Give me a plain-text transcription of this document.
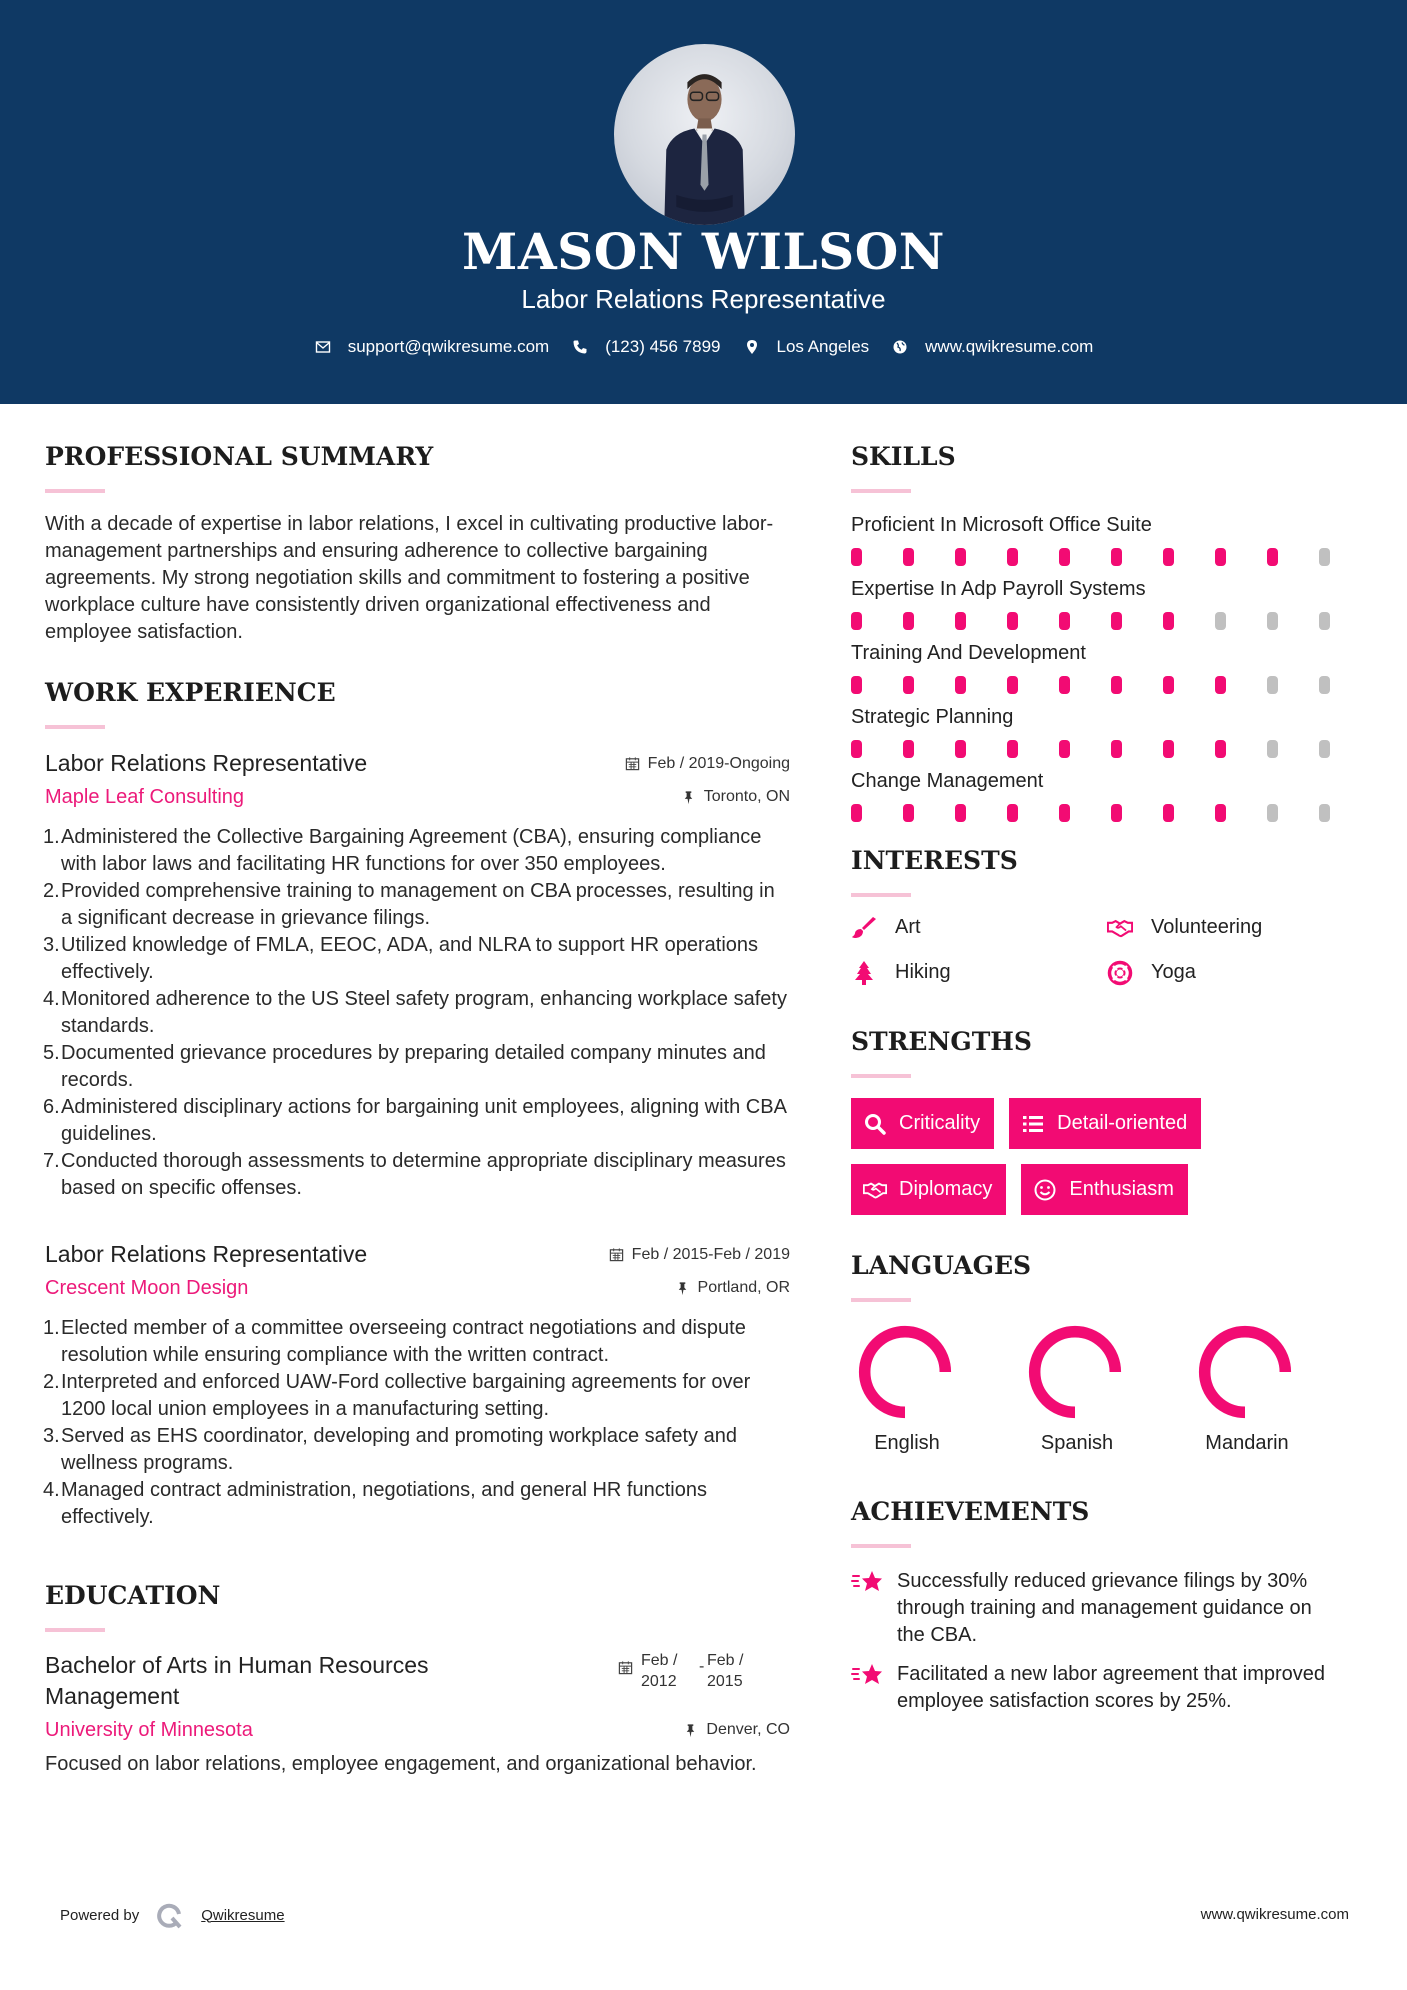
MASON WILSON
Labor Relations Representative
support@qwikresume.com	(123) 456 7899	Los Angeles	www.qwikresume.com
PROFESSIONAL SUMMARY

With a decade of expertise in labor relations, I excel in cultivating productive labor-management partnerships and ensuring adherence to collective bargaining agreements. My strong negotiation skills and commitment to fostering a positive workplace culture have consistently driven organizational effectiveness and employee satisfaction.

WORK EXPERIENCE
Labor Relations Representative	Feb / 2019-Ongoing
Maple Leaf Consulting	Toronto, ON
1. Administered the Collective Bargaining Agreement (CBA), ensuring compliance with labor laws and facilitating HR functions for over 350 employees.
2. Provided comprehensive training to management on CBA processes, resulting in a significant decrease in grievance filings.
3. Utilized knowledge of FMLA, EEOC, ADA, and NLRA to support HR operations effectively.
4. Monitored adherence to the US Steel safety program, enhancing workplace safety standards.
5. Documented grievance procedures by preparing detailed company minutes and records.
6. Administered disciplinary actions for bargaining unit employees, aligning with CBA guidelines.
7. Conducted thorough assessments to determine appropriate disciplinary measures based on specific offenses.
Labor Relations Representative	Feb / 2015-Feb / 2019
Crescent Moon Design	Portland, OR
1. Elected member of a committee overseeing contract negotiations and dispute resolution while ensuring compliance with the written contract.
2. Interpreted and enforced UAW-Ford collective bargaining agreements for over 1200 local union employees in a manufacturing setting.
3. Served as EHS coordinator, developing and promoting workplace safety and wellness programs.
4. Managed contract administration, negotiations, and general HR functions effectively.
EDUCATION
Bachelor of Arts in Human Resources Management
Feb /
2012
- Feb /
2015
University of Minnesota	Denver, CO

Focused on labor relations, employee engagement, and organizational behavior.

SKILLS
Proficient In Microsoft Office Suite
Expertise In Adp Payroll Systems
Training And Development
Strategic Planning
Change Management
INTERESTS
Art	Volunteering
Hiking	Yoga
STRENGTHS
Criticality	Detail-oriented
Diplomacy	Enthusiasm
LANGUAGES
English	Spanish	Mandarin
ACHIEVEMENTS
Successfully reduced grievance filings by 30% through training and management guidance on the CBA.
Facilitated a new labor agreement that improved employee satisfaction scores by 25%.
Powered by	Qwikresume	www.qwikresume.com
